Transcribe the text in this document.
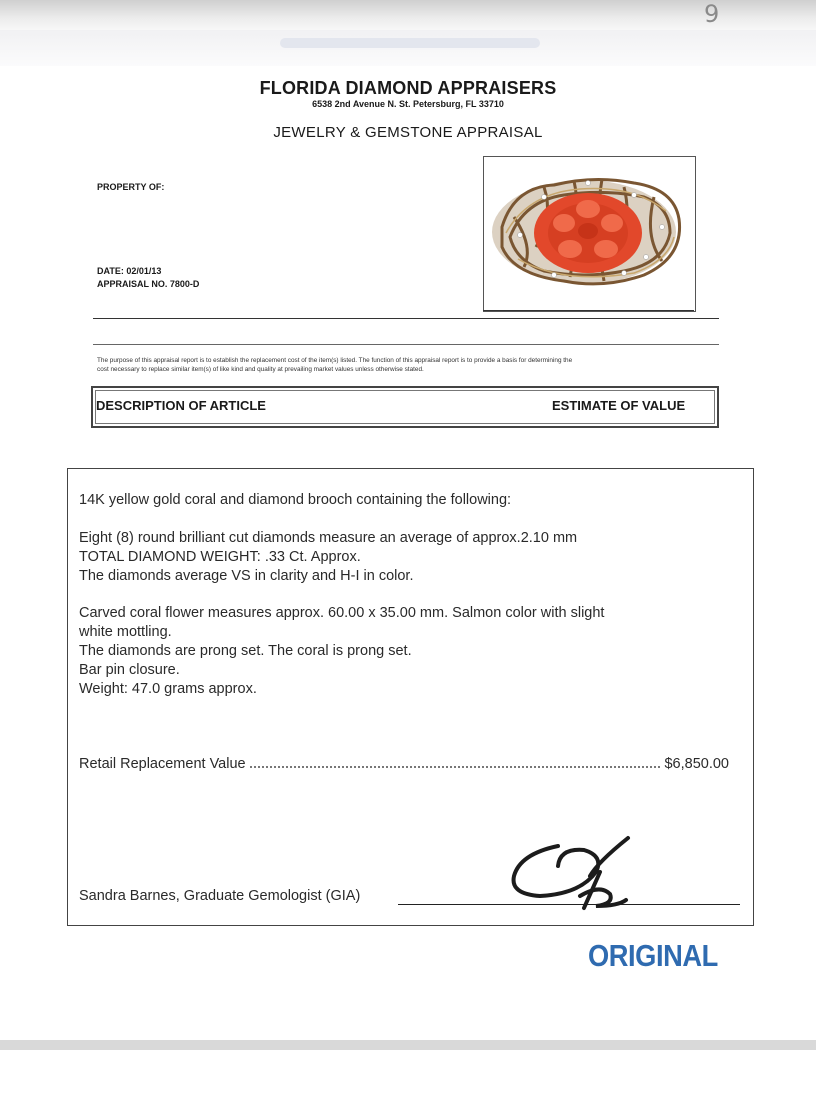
9
FLORIDA DIAMOND APPRAISERS
6538 2nd Avenue N. St. Petersburg, FL 33710
JEWELRY & GEMSTONE APPRAISAL
PROPERTY OF:
DATE: 02/01/13
APPRAISAL NO. 7800-D
The purpose of this appraisal report is to establish the replacement cost of the item(s) listed. The function of this appraisal report is to provide a basis for determining the
cost necessary to replace similar item(s) of like kind and quality at prevailing market values unless otherwise stated.
DESCRIPTION OF ARTICLE	ESTIMATE OF VALUE
14K yellow gold coral and diamond brooch containing the following:
Eight (8) round brilliant cut diamonds measure an average of approx.2.10 mm
TOTAL DIAMOND WEIGHT: .33 Ct. Approx.
The diamonds average VS in clarity and H-I in color.
Carved coral flower measures approx. 60.00 x 35.00 mm. Salmon color with slight
white mottling.
The diamonds are prong set. The coral is prong set.
Bar pin closure.
Weight: 47.0 grams approx.
Retail Replacement Value	$6,850.00
Sandra Barnes, Graduate Gemologist (GIA)
ORIGINAL
